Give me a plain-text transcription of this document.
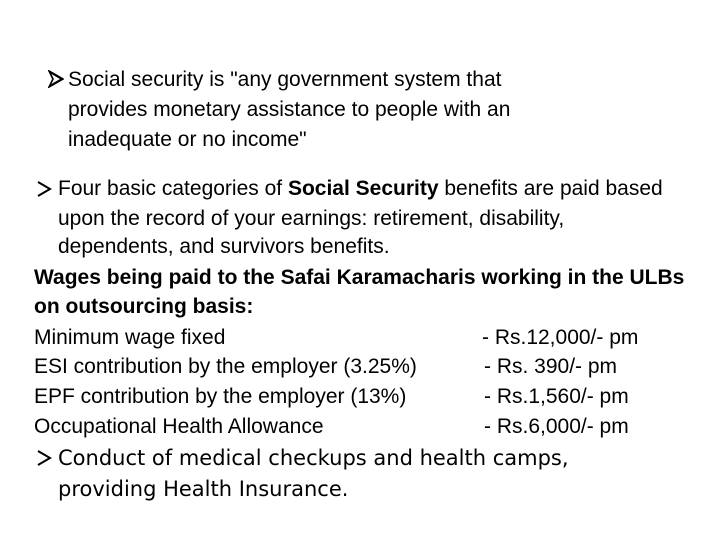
Social security is "any government system that
provides monetary assistance to people with an
inadequate or no income"
Four basic categories of Social Security benefits are paid based
upon the record of your earnings: retirement, disability,
dependents, and survivors benefits.
Wages being paid to the Safai Karamacharis working in the ULBs
on outsourcing basis:
Minimum wage fixed	- Rs.12,000/- pm
ESI contribution by the employer (3.25%)	- Rs. 390/- pm
EPF contribution by the employer (13%)	- Rs.1,560/- pm
Occupational Health Allowance	- Rs.6,000/- pm
Conduct of medical checkups and health camps,
providing Health Insurance.
